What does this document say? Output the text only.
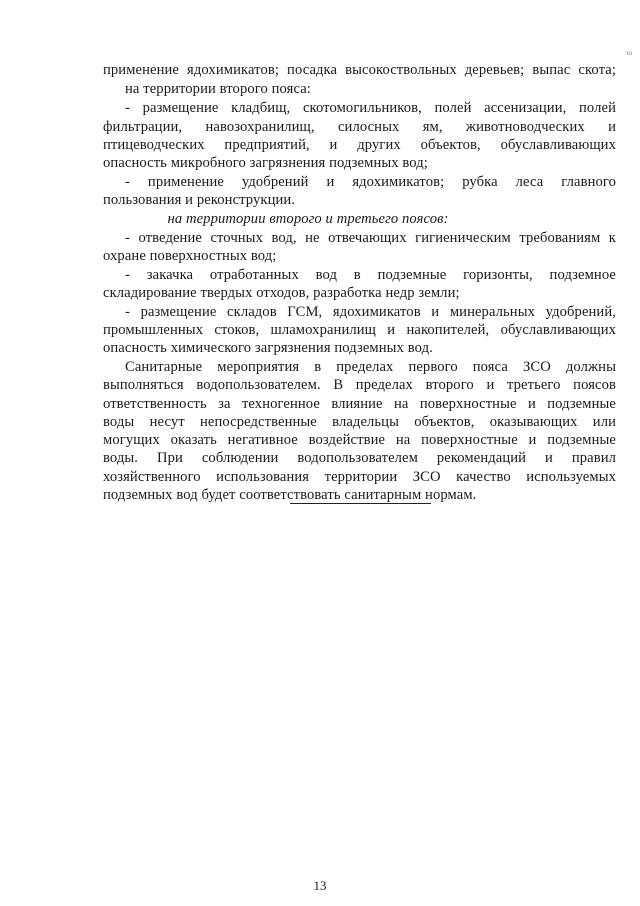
ω
применение ядохимикатов; посадка высокоствольных деревьев; выпас скота;
на территории второго пояса:
- размещение кладбищ, скотомогильников, полей ассенизации, полей
фильтрации, навозохранилищ, силосных ям, животноводческих и
птицеводческих предприятий, и других объектов, обуславливающих
опасность микробного загрязнения подземных вод;
- применение удобрений и ядохимикатов; рубка леса главного
пользования и реконструкции.
на территории второго и третьего поясов:
- отведение сточных вод, не отвечающих гигиеническим требованиям к
охране поверхностных вод;
- закачка отработанных вод в подземные горизонты, подземное
складирование твердых отходов, разработка недр земли;
- размещение складов ГСМ, ядохимикатов и минеральных удобрений,
промышленных стоков, шламохранилищ и накопителей, обуславливающих
опасность химического загрязнения подземных вод.
Санитарные мероприятия в пределах первого пояса ЗСО должны
выполняться водопользователем. В пределах второго и третьего поясов
ответственность за техногенное влияние на поверхностные и подземные
воды несут непосредственные владельцы объектов, оказывающих или
могущих оказать негативное воздействие на поверхностные и подземные
воды. При соблюдении водопользователем рекомендаций и правил
хозяйственного использования территории ЗСО качество используемых
подземных вод будет соответствовать санитарным нормам.
13
